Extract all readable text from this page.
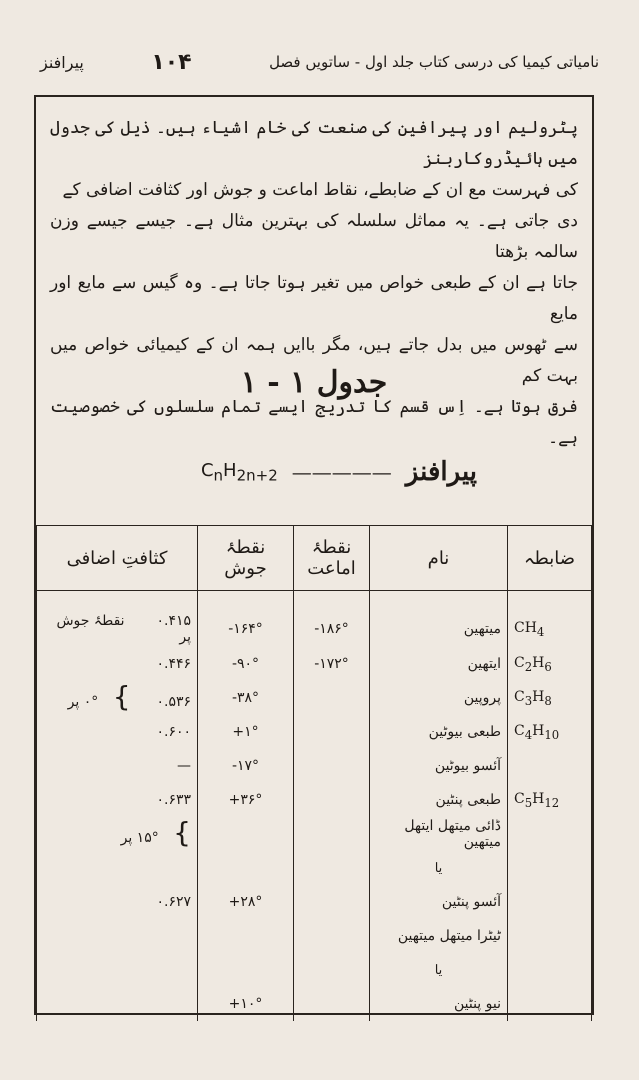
نامیاتی کیمیا کی درسی کتاب جلد اول - ساتویں فصل
۱۰۴
پیرافنز

پٹرولیم اور پیرافین کی صنعت کی خام اشیاء ہیں۔ ذیل کی جدول میں ہائیڈروکاربنز

کی فہرست مع ان کے ضابطے، نقاط اماعت و جوش اور کثافت اضافی کے

دی جاتی ہے۔ یہ مماثل سلسلہ کی بہترین مثال ہے۔ جیسے جیسے وزن سالمہ بڑھتا

جاتا ہے ان کے طبعی خواص میں تغیر ہوتا جاتا ہے۔ وہ گیس سے مایع اور مایع

سے ٹھوس میں بدل جاتے ہیں، مگر باایں ہمہ ان کے کیمیائی خواص میں بہت کم

فرق ہوتا ہے۔ اِس قسم کا تدریج ایسے تمام سلسلوں کی خصوصیت ہے۔

جدول ۱ - ۱
پیرافنز
—————
$C_nH_{2n+2}$
ضابطہ	نام	نقطۂ اماعت	نقطۂ جوش	کثافتِ اضافی
$CH_4$	میتھین	-۱۸۶°	-۱۶۴°	۰.۴۱۵ نقطۂ جوش پر
$C_2H_6$	ایتھین	-۱۷۲°	-۹۰°	۰.۴۴۶
$C_3H_8$	پروپین		-۳۸°	۰.۵۳۶ } ۰° پر
$C_4H_{10}$	طبعی بیوٹین		+۱°	۰.۶۰۰
	آئسو بیوٹین		-۱۷°	—
$C_5H_{12}$	طبعی پنٹین		+۳۶°	۰.۶۳۳
	ڈائی میتھل ایتھل میتھین			} ۱۵° پر

	یا			

	آئسو پنٹین		+۲۸°	۰.۶۲۷
	ٹیٹرا میتھل میتھین			

	یا			

	نیو پنٹین		+۱۰°	
